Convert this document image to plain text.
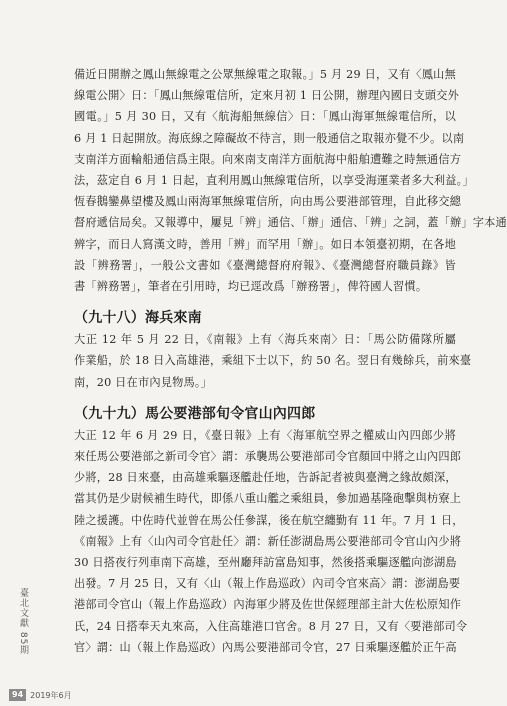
備近日開辦之鳳山無線電之公眾無線電之取報。」5 月 29 日，又有〈鳳山無
線電公開〉日：「鳳山無線電信所，定來月初 1 日公開，辦理內國日支頭交外
國電。」5 月 30 日，又有〈航海船無線信〉日：「鳳山海軍無線電信所，以
6 月 1 日起開放。海底線之障礙故不待言，則一般通信之取報亦覺不少。以南
支南洋方面輪船通信爲主限。向來南支南洋方面航海中船舶遭難之時無通信方
法，茲定自 6 月 1 日起，直利用鳳山無線電信所，以享受海運業者多大利益。」
恆春鵝鑾鼻望樓及鳳山兩海軍無線電信所，向由馬公要港部管理，自此移交總
督府遞信局矣。又報導中，屢見「辨」通信、「辦」通信、「辨」之詞，蓋「辦」字本通
辨字，而日人寫漢文時，善用「辨」而罕用「辦」。如日本領臺初期，在各地
設「辨務署」，一般公文書如《臺灣總督府府報》、《臺灣總督府職員錄》皆
書「辨務署」，筆者在引用時，均已逕改爲「辦務署」，俾符國人習慣。
（九十八）海兵來南
大正 12 年 5 月 22 日，《南報》上有〈海兵來南〉日：「馬公防備隊所屬
作業船，於 18 日入高雄港，乘組下士以下，約 50 名。翌日有幾餘兵，前來臺
南，20 日在市內見物馬。」
（九十九）馬公要港部旬令官山內四郎
大正 12 年 6 月 29 日，《臺日報》上有〈海軍航空界之權威山內四郎少將
來任馬公要港部之新司令官〉謂：承襲馬公要港部司令官顏回中將之山內四郎
少將，28 日來臺，由高雄乘驅逐艦赴任地，告訴記者被與臺灣之緣故頗深，
當其仍是少尉候補生時代，即係八重山艦之乘組員，參加過基隆砲擊與枋寮上
陸之援護。中佐時代並曾在馬公任參謀，後在航空纏勤有 11 年。7 月 1 日，
《南報》上有〈山內司令官赴任〉謂：新任澎湖島馬公要港部司令官山內少將
30 日搭夜行列車南下高雄，至州廳拜訪富島知事，然後搭乘驅逐艦向澎湖島
出發。7 月 25 日，又有〈山（報上作島巡政）內司令官來高〉謂：澎湖島要
港部司令官山（報上作島巡政）內海軍少將及佐世保經理部主計大佐松原知作
氏，24 日搭奉天丸來高，入住高雄港口官舍。8 月 27 日，又有〈要港部司令
官〉謂：山（報上作島巡政）內馬公要港部司令官，27 日乘驅逐艦於正午高
臺北文獻 85期
94 2019年6月
